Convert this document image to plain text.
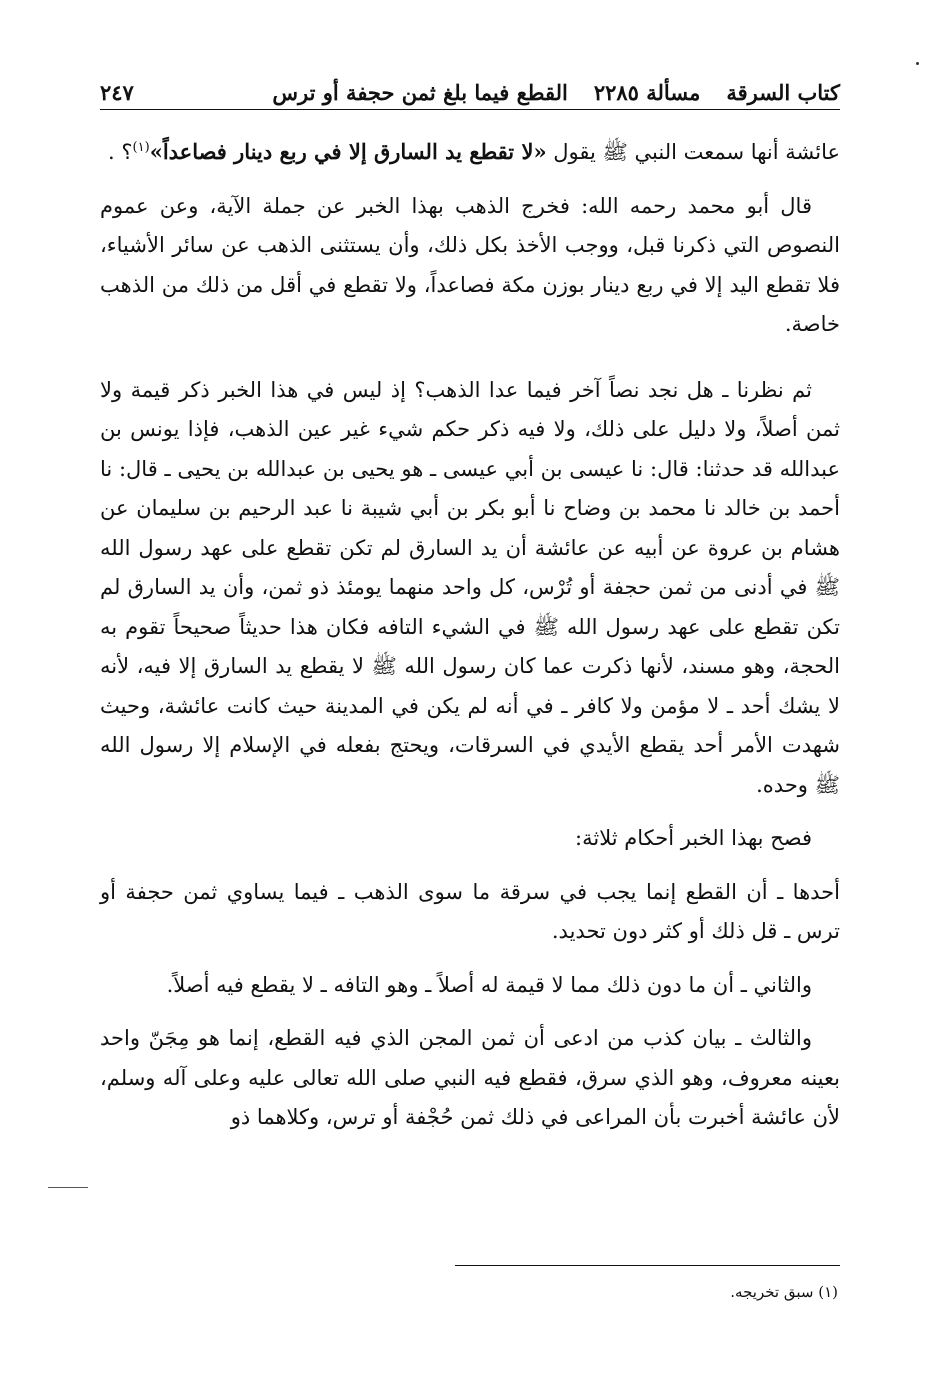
كتاب السرقة
مسألة ٢٢٨٥
القطع فيما بلغ ثمن حجفة أو ترس
٢٤٧

عائشة أنها سمعت النبي ﷺ يقول «لا تقطع يد السارق إلا في ربع دينار فصاعداً»$^{(١)}$؟ .

قال أبو محمد رحمه الله: فخرج الذهب بهذا الخبر عن جملة الآية، وعن عموم النصوص التي ذكرنا قبل، ووجب الأخذ بكل ذلك، وأن يستثنى الذهب عن سائر الأشياء، فلا تقطع اليد إلا في ربع دينار بوزن مكة فصاعداً، ولا تقطع في أقل من ذلك من الذهب خاصة.

ثم نظرنا ـ هل نجد نصاً آخر فيما عدا الذهب؟ إذ ليس في هذا الخبر ذكر قيمة ولا ثمن أصلاً، ولا دليل على ذلك، ولا فيه ذكر حكم شيء غير عين الذهب، فإذا يونس بن عبدالله قد حدثنا: قال: نا عيسى بن أبي عيسى ـ هو يحيى بن عبدالله بن يحيى ـ قال: نا أحمد بن خالد نا محمد بن وضاح نا أبو بكر بن أبي شيبة نا عبد الرحيم بن سليمان عن هشام بن عروة عن أبيه عن عائشة أن يد السارق لم تكن تقطع على عهد رسول الله ﷺ في أدنى من ثمن حجفة أو تُرْس، كل واحد منهما يومئذ ذو ثمن، وأن يد السارق لم تكن تقطع على عهد رسول الله ﷺ في الشيء التافه فكان هذا حديثاً صحيحاً تقوم به الحجة، وهو مسند، لأنها ذكرت عما كان رسول الله ﷺ لا يقطع يد السارق إلا فيه، لأنه لا يشك أحد ـ لا مؤمن ولا كافر ـ في أنه لم يكن في المدينة حيث كانت عائشة، وحيث شهدت الأمر أحد يقطع الأيدي في السرقات، ويحتج بفعله في الإسلام إلا رسول الله ﷺ وحده.

فصح بهذا الخبر أحكام ثلاثة:

أحدها ـ أن القطع إنما يجب في سرقة ما سوى الذهب ـ فيما يساوي ثمن حجفة أو ترس ـ قل ذلك أو كثر دون تحديد.

والثاني ـ أن ما دون ذلك مما لا قيمة له أصلاً ـ وهو التافه ـ لا يقطع فيه أصلاً.

والثالث ـ بيان كذب من ادعى أن ثمن المجن الذي فيه القطع، إنما هو مِجَنّ واحد بعينه معروف، وهو الذي سرق، فقطع فيه النبي صلى الله تعالى عليه وعلى آله وسلم، لأن عائشة أخبرت بأن المراعى في ذلك ثمن حُجْفة أو ترس، وكلاهما ذو

(١) سبق تخريجه.
